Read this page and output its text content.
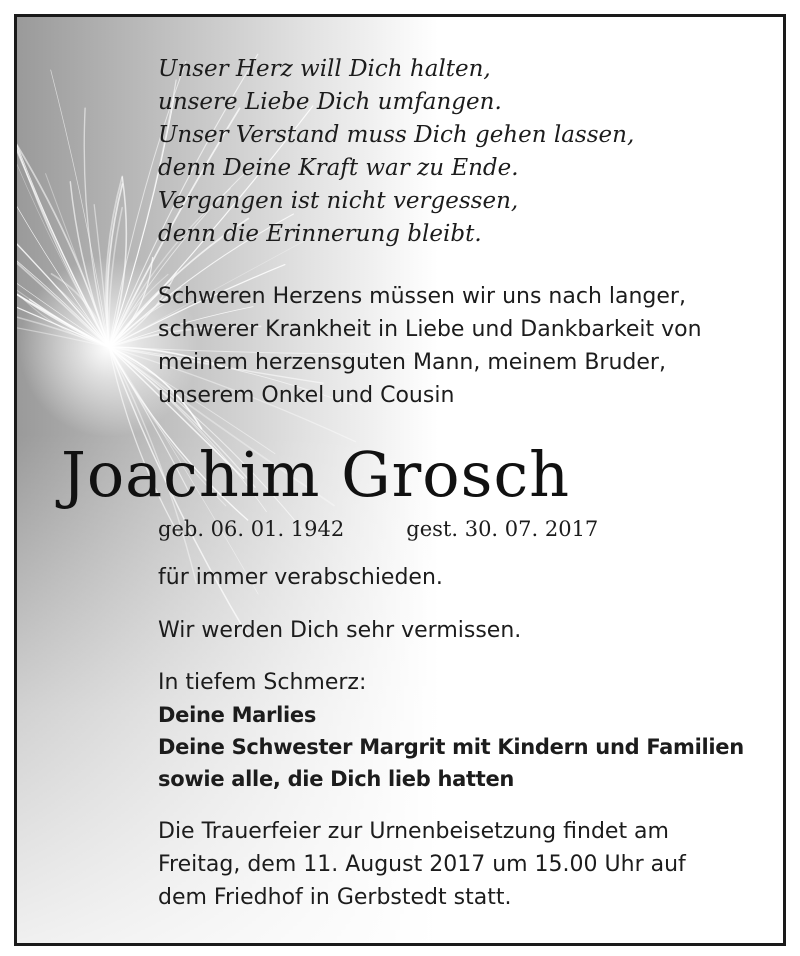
Unser Herz will Dich halten,
unsere Liebe Dich umfangen.
Unser Verstand muss Dich gehen lassen,
denn Deine Kraft war zu Ende.
Vergangen ist nicht vergessen,
denn die Erinnerung bleibt.
Schweren Herzens müssen wir uns nach langer,
schwerer Krankheit in Liebe und Dankbarkeit von
meinem herzensguten Mann, meinem Bruder,
unserem Onkel und Cousin
Joachim Grosch
geb. 06. 01. 1942	gest. 30. 07. 2017
für immer verabschieden.
Wir werden Dich sehr vermissen.
In tiefem Schmerz:
Deine Marlies
Deine Schwester Margrit mit Kindern und Familien
sowie alle, die Dich lieb hatten
Die Trauerfeier zur Urnenbeisetzung findet am
Freitag, dem 11. August 2017 um 15.00 Uhr auf
dem Friedhof in Gerbstedt statt.
